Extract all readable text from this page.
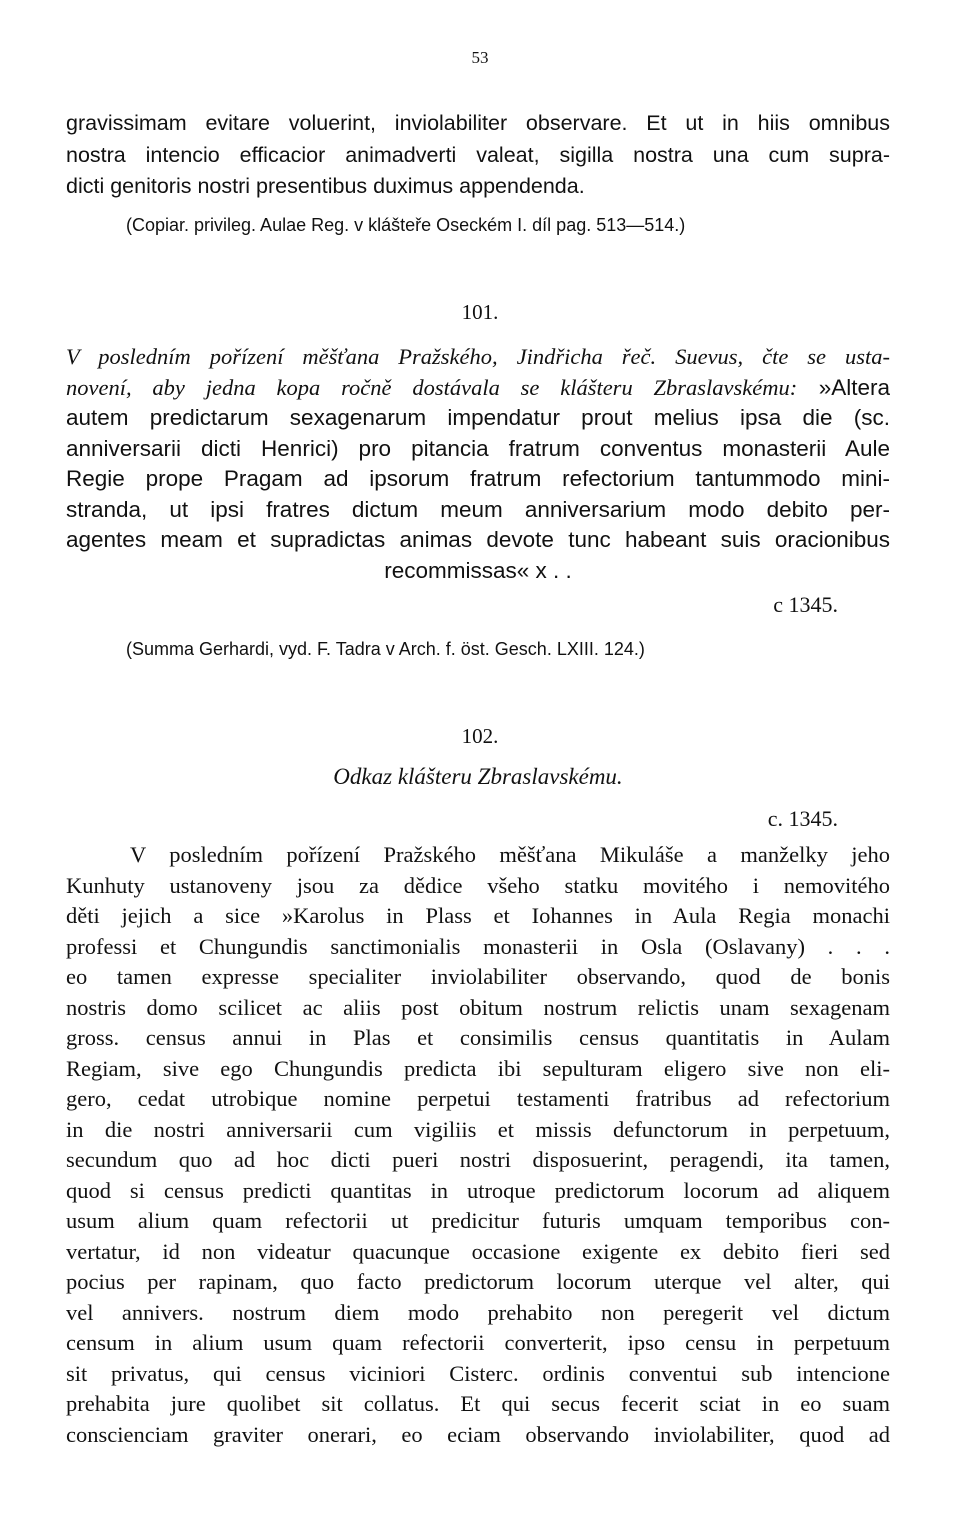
53
gravissimam evitare voluerint, inviolabiliter observare. Et ut in hiis omnibus
nostra intencio efficacior animadverti valeat, sigilla nostra una cum supra-
dicti genitoris nostri presentibus duximus appendenda.
(Copiar. privileg. Aulae Reg. v klášteře Oseckém I. díl pag. 513—514.)
101.
V posledním pořízení měšťana Pražského, Jindřicha řeč. Suevus, čte se usta-
novení, aby jedna kopa ročně dostávala se klášteru Zbraslavskému: »Altera
autem predictarum sexagenarum impendatur prout melius ipsa die (sc.
anniversarii dicti Henrici) pro pitancia fratrum conventus monasterii Aule
Regie prope Pragam ad ipsorum fratrum refectorium tantummodo mini-
stranda, ut ipsi fratres dictum meum anniversarium modo debito per-
agentes meam et supradictas animas devote tunc habeant suis oracionibus
recommissas« x . .
c 1345.
(Summa Gerhardi, vyd. F. Tadra v Arch. f. öst. Gesch. LXIII. 124.)
102.
Odkaz klášteru Zbraslavskému.
c. 1345.
V posledním pořízení Pražského měšťana Mikuláše a manželky jeho
Kunhuty ustanoveny jsou za dědice všeho statku movitého i nemovitého
děti jejich a sice »Karolus in Plass et Iohannes in Aula Regia monachi
professi et Chungundis sanctimonialis monasterii in Osla (Oslavany) . . .
eo tamen expresse specialiter inviolabiliter observando, quod de bonis
nostris domo scilicet ac aliis post obitum nostrum relictis unam sexagenam
gross. census annui in Plas et consimilis census quantitatis in Aulam
Regiam, sive ego Chungundis predicta ibi sepulturam eligero sive non eli-
gero, cedat utrobique nomine perpetui testamenti fratribus ad refectorium
in die nostri anniversarii cum vigiliis et missis defunctorum in perpetuum,
secundum quo ad hoc dicti pueri nostri disposuerint, peragendi, ita tamen,
quod si census predicti quantitas in utroque predictorum locorum ad aliquem
usum alium quam refectorii ut predicitur futuris umquam temporibus con-
vertatur, id non videatur quacunque occasione exigente ex debito fieri sed
pocius per rapinam, quo facto predictorum locorum uterque vel alter, qui
vel annivers. nostrum diem modo prehabito non peregerit vel dictum
censum in alium usum quam refectorii converterit, ipso censu in perpetuum
sit privatus, qui census viciniori Cisterc. ordinis conventui sub intencione
prehabita jure quolibet sit collatus. Et qui secus fecerit sciat in eo suam
conscienciam graviter onerari, eo eciam observando inviolabiliter, quod ad
